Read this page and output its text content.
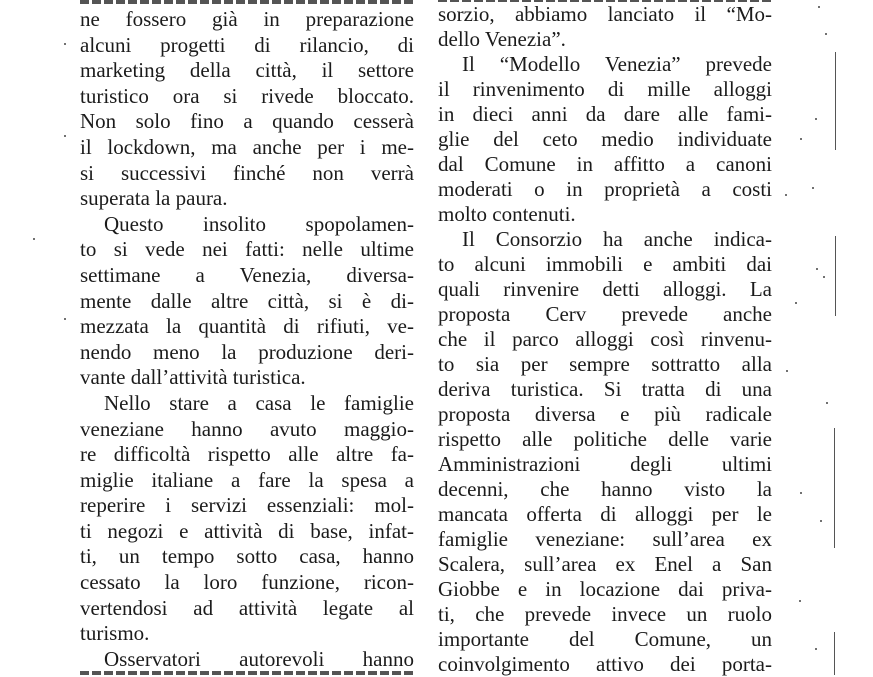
ne fossero già in preparazione
alcuni progetti di rilancio, di
marketing della città, il settore
turistico ora si rivede bloccato.
Non solo fino a quando cesserà
il lockdown, ma anche per i me-
si successivi finché non verrà
superata la paura.
Questo insolito spopolamen-
to si vede nei fatti: nelle ultime
settimane a Venezia, diversa-
mente dalle altre città, si è di-
mezzata la quantità di rifiuti, ve-
nendo meno la produzione deri-
vante dall’attività turistica.
Nello stare a casa le famiglie
veneziane hanno avuto maggio-
re difficoltà rispetto alle altre fa-
miglie italiane a fare la spesa a
reperire i servizi essenziali: mol-
ti negozi e attività di base, infat-
ti, un tempo sotto casa, hanno
cessato la loro funzione, ricon-
vertendosi ad attività legate al
turismo.
Osservatori autorevoli hanno
sorzio, abbiamo lanciato il “Mo-
dello Venezia”.
Il “Modello Venezia” prevede
il rinvenimento di mille alloggi
in dieci anni da dare alle fami-
glie del ceto medio individuate
dal Comune in affitto a canoni
moderati o in proprietà a costi
molto contenuti.
Il Consorzio ha anche indica-
to alcuni immobili e ambiti dai
quali rinvenire detti alloggi. La
proposta Cerv prevede anche
che il parco alloggi così rinvenu-
to sia per sempre sottratto alla
deriva turistica. Si tratta di una
proposta diversa e più radicale
rispetto alle politiche delle varie
Amministrazioni degli ultimi
decenni, che hanno visto la
mancata offerta di alloggi per le
famiglie veneziane: sull’area ex
Scalera, sull’area ex Enel a San
Giobbe e in locazione dai priva-
ti, che prevede invece un ruolo
importante del Comune, un
coinvolgimento attivo dei porta-
